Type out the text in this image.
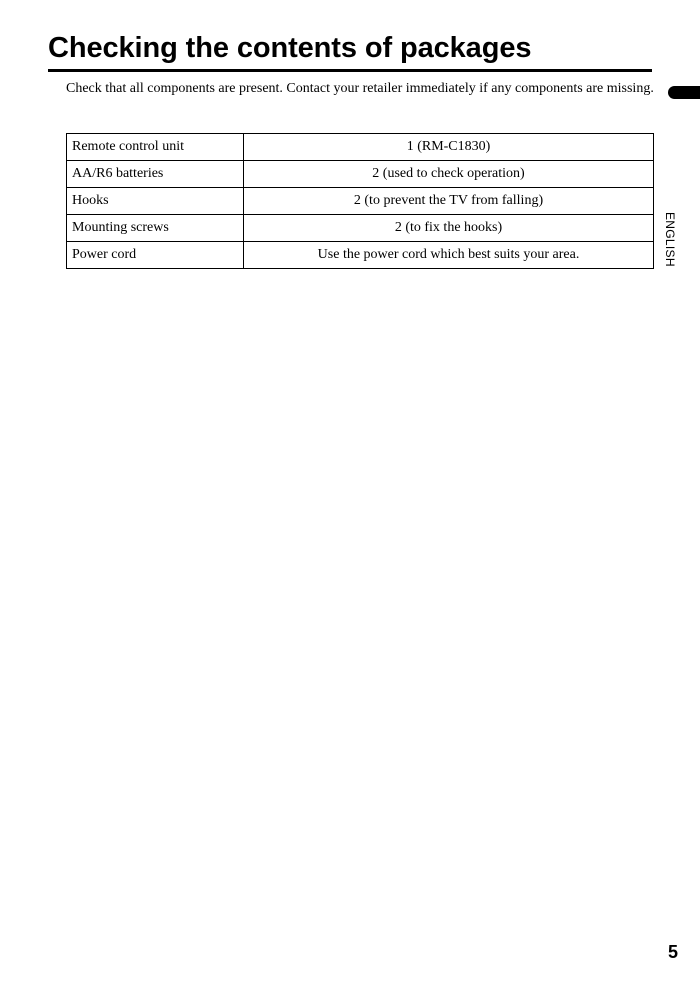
Checking the contents of packages

Check that all components are present. Contact your retailer immediately if any components are missing.

Remote control unit	1 (RM-C1830)
AA/R6 batteries	2 (used to check operation)
Hooks	2 (to prevent the TV from falling)
Mounting screws	2 (to fix the hooks)
Power cord	Use the power cord which best suits your area.	ENGLISH
5
